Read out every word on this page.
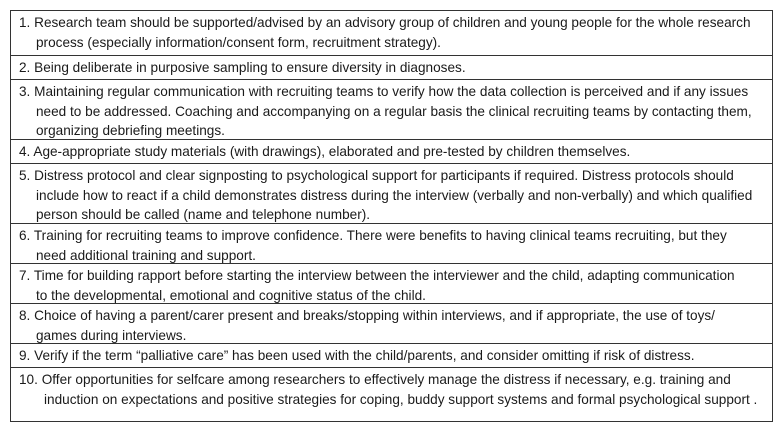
1. Research team should be supported/advised by an advisory group of children and young people for the whole research
process (especially information/consent form, recruitment strategy).
2. Being deliberate in purposive sampling to ensure diversity in diagnoses.
3. Maintaining regular communication with recruiting teams to verify how the data collection is perceived and if any issues
need to be addressed. Coaching and accompanying on a regular basis the clinical recruiting teams by contacting them,
organizing debriefing meetings.
4. Age-appropriate study materials (with drawings), elaborated and pre-tested by children themselves.
5. Distress protocol and clear signposting to psychological support for participants if required. Distress protocols should
include how to react if a child demonstrates distress during the interview (verbally and non-verbally) and which qualified
person should be called (name and telephone number).
6. Training for recruiting teams to improve confidence. There were benefits to having clinical teams recruiting, but they
need additional training and support.
7. Time for building rapport before starting the interview between the interviewer and the child, adapting communication
to the developmental, emotional and cognitive status of the child.
8. Choice of having a parent/carer present and breaks/stopping within interviews, and if appropriate, the use of toys/
games during interviews.
9. Verify if the term “palliative care” has been used with the child/parents, and consider omitting if risk of distress.
10. Offer opportunities for selfcare among researchers to effectively manage the distress if necessary, e.g. training and
induction on expectations and positive strategies for coping, buddy support systems and formal psychological support .
